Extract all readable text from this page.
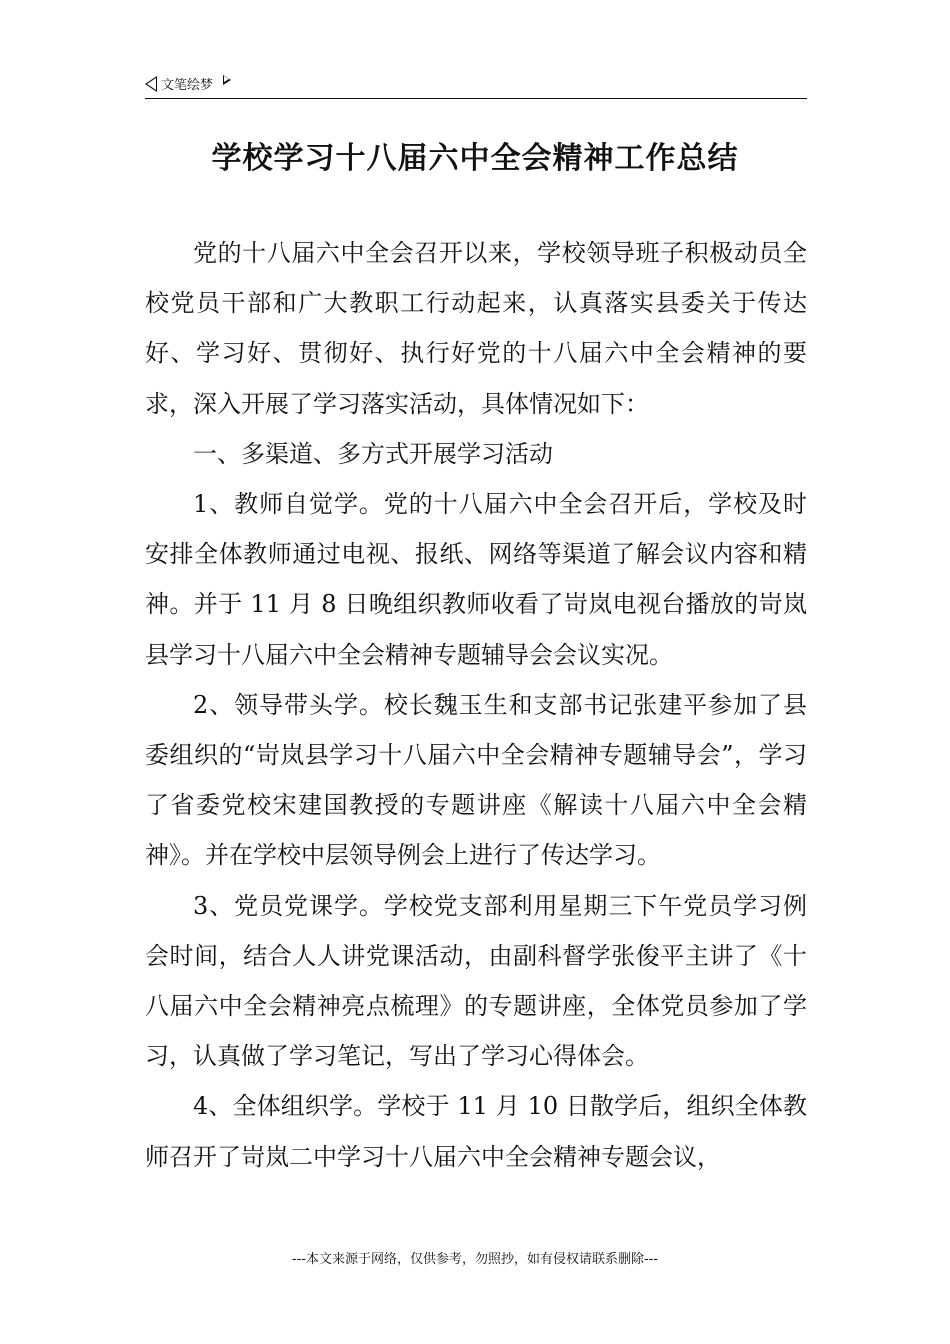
文笔绘梦
学校学习十八届六中全会精神工作总结

党的十八届六中全会召开以来，学校领导班子积极动员全校党员干部和广大教职工行动起来，认真落实县委关于传达好、学习好、贯彻好、执行好党的十八届六中全会精神的要求，深入开展了学习落实活动，具体情况如下：

一、多渠道、多方式开展学习活动

1、教师自觉学。党的十八届六中全会召开后，学校及时安排全体教师通过电视、报纸、网络等渠道了解会议内容和精神。并于 11 月 8 日晚组织教师收看了岢岚电视台播放的岢岚县学习十八届六中全会精神专题辅导会会议实况。

2、领导带头学。校长魏玉生和支部书记张建平参加了县委组织的“岢岚县学习十八届六中全会精神专题辅导会”，学习了省委党校宋建国教授的专题讲座《解读十八届六中全会精神》。并在学校中层领导例会上进行了传达学习。

3、党员党课学。学校党支部利用星期三下午党员学习例会时间，结合人人讲党课活动，由副科督学张俊平主讲了《十八届六中全会精神亮点梳理》的专题讲座，全体党员参加了学习，认真做了学习笔记，写出了学习心得体会。

4、全体组织学。学校于 11 月 10 日散学后，组织全体教师召开了岢岚二中学习十八届六中全会精神专题会议，

---本文来源于网络，仅供参考，勿照抄，如有侵权请联系删除---
